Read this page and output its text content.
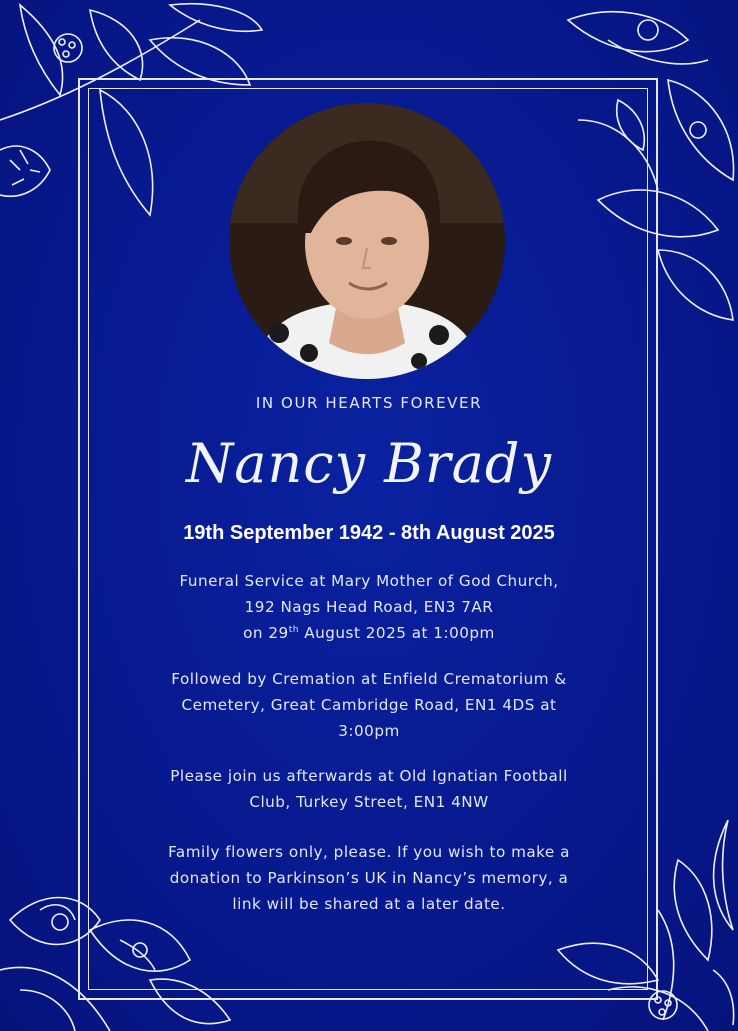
IN OUR HEARTS FOREVER
Nancy Brady
19th September 1942 - 8th August 2025
Funeral Service at Mary Mother of God Church,
192 Nags Head Road, EN3 7AR
on 29th August 2025 at 1:00pm
Followed by Cremation at Enfield Crematorium &
Cemetery, Great Cambridge Road, EN1 4DS at
3:00pm
Please join us afterwards at Old Ignatian Football
Club, Turkey Street, EN1 4NW
Family flowers only, please. If you wish to make a
donation to Parkinson’s UK in Nancy’s memory, a
link will be shared at a later date.
